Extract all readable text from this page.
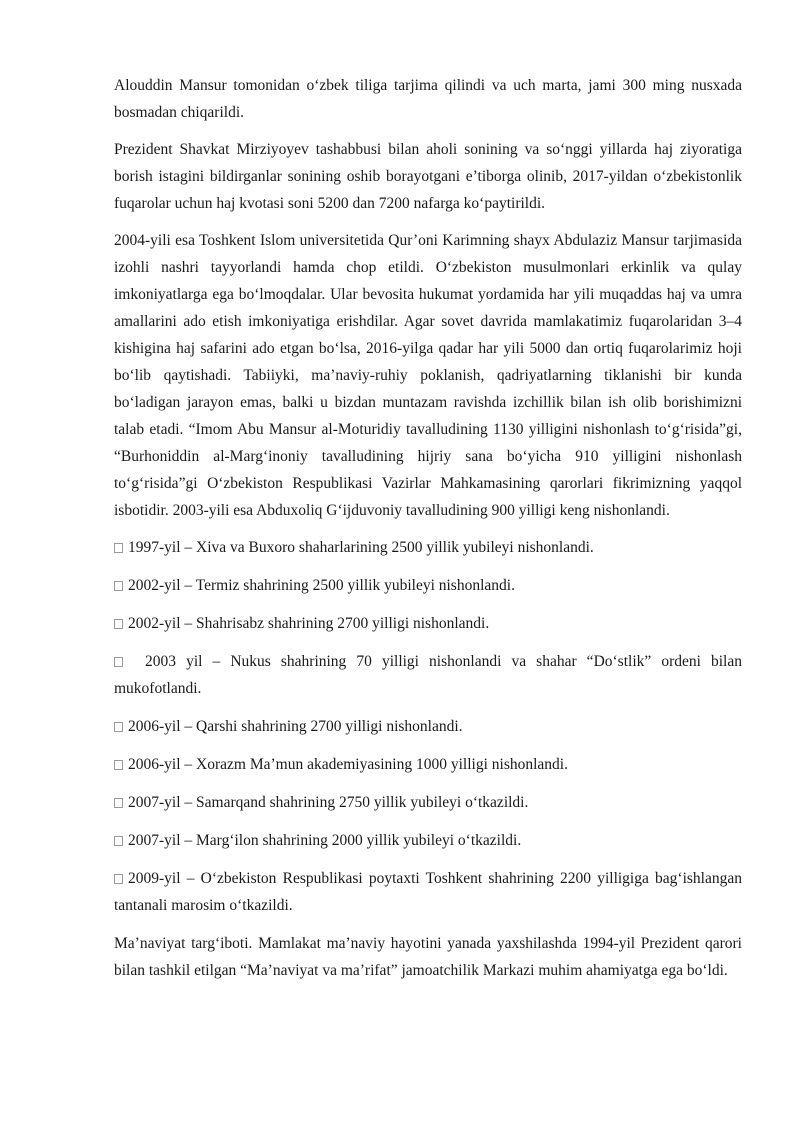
Alouddin Mansur tomonidan o‘zbek tiliga tarjima qilindi va uch marta, jami 300 ming nusxada bosmadan chiqarildi.

Prezident Shavkat Mirziyoyev tashabbusi bilan aholi sonining va so‘nggi yillarda haj ziyoratiga borish istagini bildirganlar sonining oshib borayotgani e’tiborga olinib, 2017-yildan o‘zbekistonlik fuqarolar uchun haj kvotasi soni 5200 dan 7200 nafarga ko‘paytirildi.

2004-yili esa Toshkent Islom universitetida Qur’oni Karimning shayx Abdulaziz Mansur tarjimasida izohli nashri tayyorlandi hamda chop etildi. O‘zbekiston musulmonlari erkinlik va qulay imkoniyatlarga ega bo‘lmoqdalar. Ular bevosita hukumat yordamida har yili muqaddas haj va umra amallarini ado etish imkoniyatiga erishdilar. Agar sovet davrida mamlakatimiz fuqarolaridan 3–4 kishigina haj safarini ado etgan bo‘lsa, 2016-yilga qadar har yili 5000 dan ortiq fuqarolarimiz hoji bo‘lib qaytishadi. Tabiiyki, ma’naviy-ruhiy poklanish, qadriyatlarning tiklanishi bir kunda bo‘ladigan jarayon emas, balki u bizdan muntazam ravishda izchillik bilan ish olib borishimizni talab etadi. “Imom Abu Mansur al-Moturidiy tavalludining 1130 yilligini nishonlash to‘g‘risida”gi, “Burhoniddin al-Marg‘inoniy tavalludining hijriy sana bo‘yicha 910 yilligini nishonlash to‘g‘risida”gi O‘zbekiston Respublikasi Vazirlar Mahkamasining qarorlari fikrimizning yaqqol isbotidir. 2003-yili esa Abduxoliq G‘ijduvoniy tavalludining 900 yilligi keng nishonlandi.

1997-yil – Xiva va Buxoro shaharlarining 2500 yillik yubileyi nishonlandi.

2002-yil – Termiz shahrining 2500 yillik yubileyi nishonlandi.

2002-yil – Shahrisabz shahrining 2700 yilligi nishonlandi.

2003 yil – Nukus shahrining 70 yilligi nishonlandi va shahar “Do‘stlik” ordeni bilan mukofotlandi.

2006-yil – Qarshi shahrining 2700 yilligi nishonlandi.

2006-yil – Xorazm Ma’mun akademiyasining 1000 yilligi nishonlandi.

2007-yil – Samarqand shahrining 2750 yillik yubileyi o‘tkazildi.

2007-yil – Marg‘ilon shahrining 2000 yillik yubileyi o‘tkazildi.

2009-yil – O‘zbekiston Respublikasi poytaxti Toshkent shahrining 2200 yilligiga bag‘ishlangan tantanali marosim o‘tkazildi.

Ma’naviyat targ‘iboti. Mamlakat ma’naviy hayotini yanada yaxshilashda 1994-yil Prezident qarori bilan tashkil etilgan “Ma’naviyat va ma’rifat” jamoatchilik Markazi muhim ahamiyatga ega bo‘ldi.
